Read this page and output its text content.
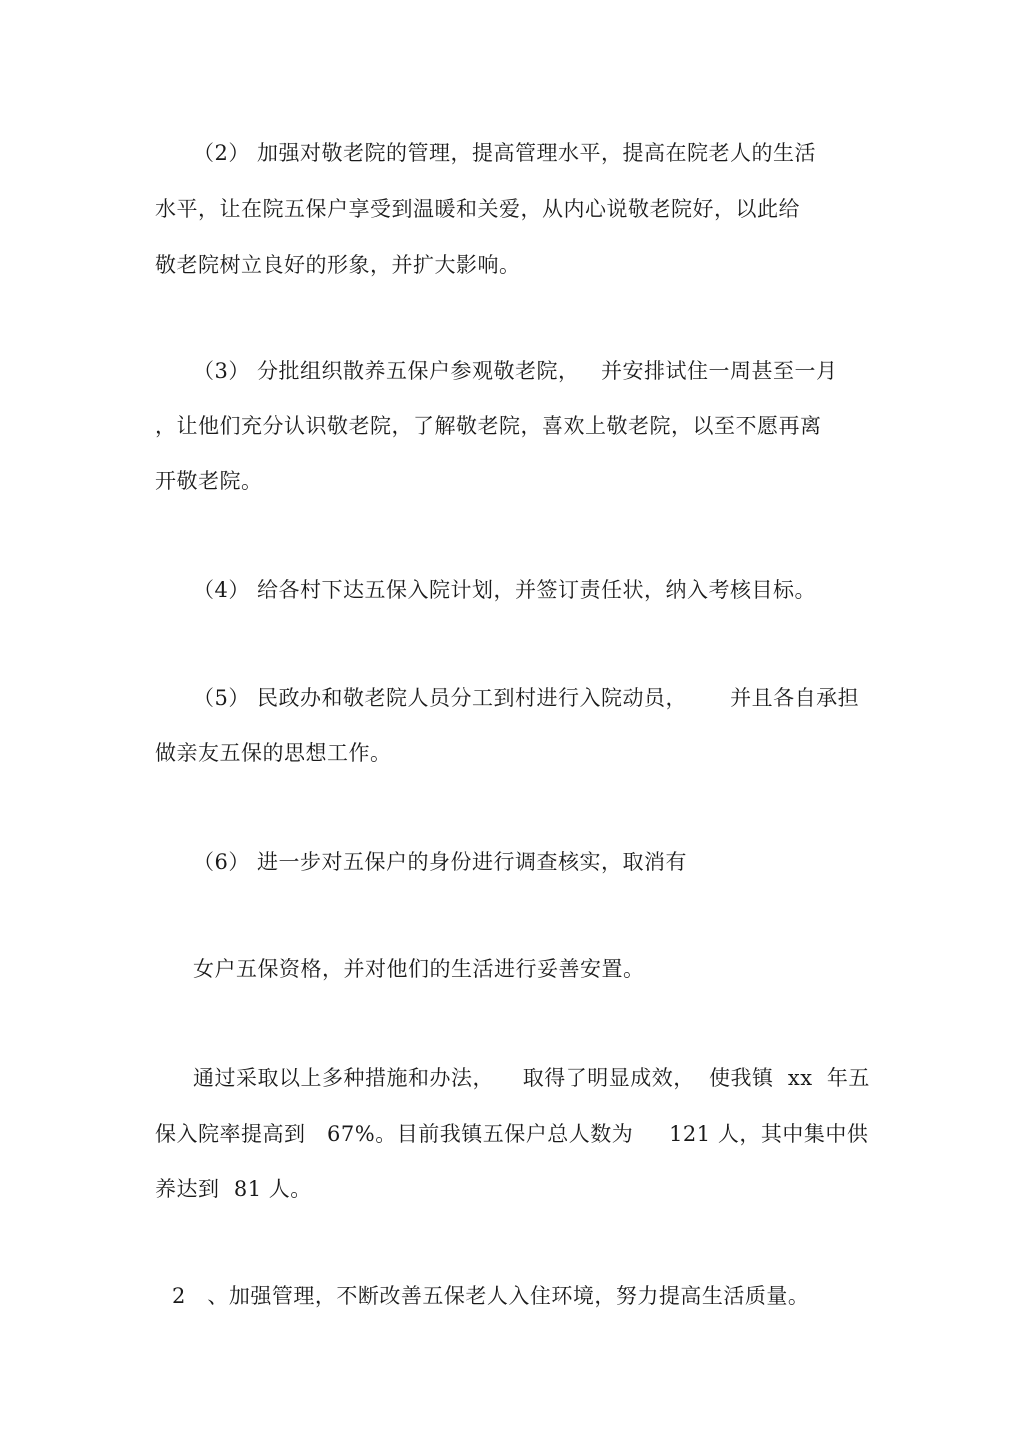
（2） 加强对敬老院的管理，提高管理水平，提高在院老人的生活
水平，让在院五保户享受到温暖和关爱，从内心说敬老院好，以此给
敬老院树立良好的形象，并扩大影响。
（3） 分批组织散养五保户参观敬老院，   并安排试住一周甚至一月
，让他们充分认识敬老院，了解敬老院，喜欢上敬老院，以至不愿再离
开敬老院。
（4） 给各村下达五保入院计划，并签订责任状，纳入考核目标。
（5） 民政办和敬老院人员分工到村进行入院动员，      并且各自承担
做亲友五保的思想工作。
（6） 进一步对五保户的身份进行调查核实，取消有
女户五保资格，并对他们的生活进行妥善安置。
通过采取以上多种措施和办法，    取得了明显成效，  使我镇  xx  年五
保入院率提高到   67%。目前我镇五保户总人数为     121 人，其中集中供
养达到  81 人。
2   、加强管理，不断改善五保老人入住环境，努力提高生活质量。
